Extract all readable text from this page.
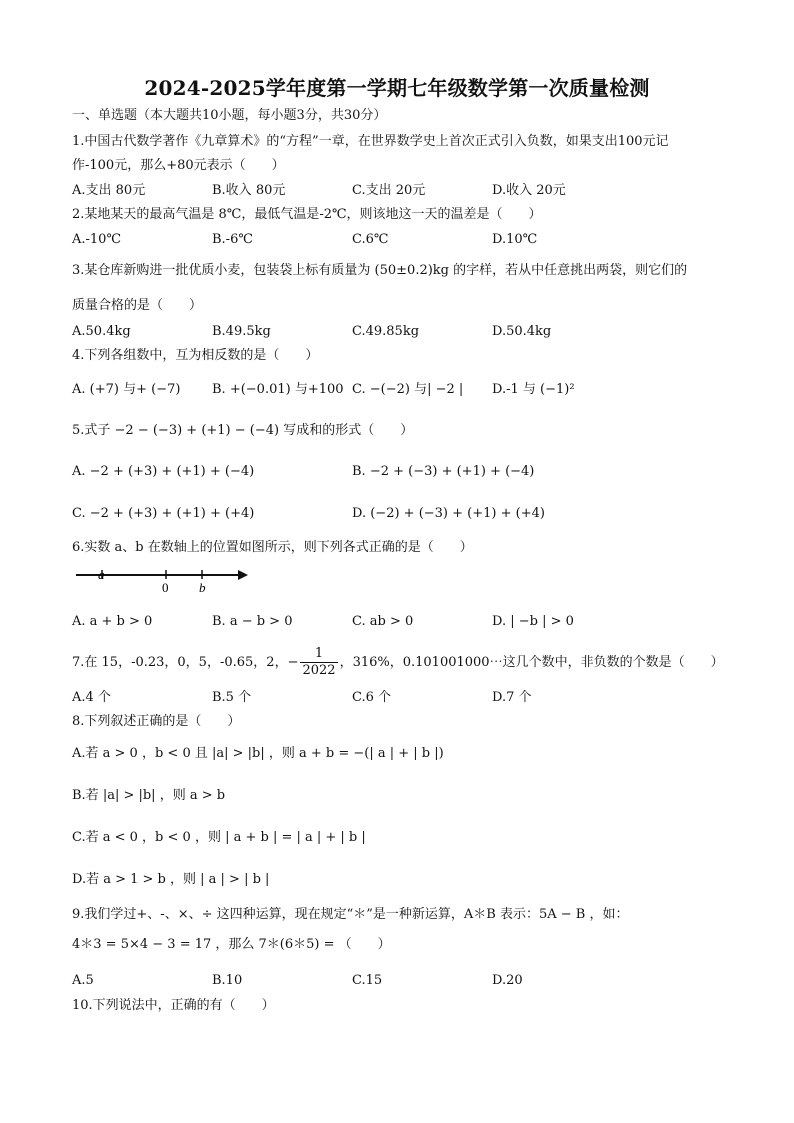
2024-2025学年度第一学期七年级数学第一次质量检测
一、单选题（本大题共10小题，每小题3分，共30分）
1.中国古代数学著作《九章算术》的“方程”一章，在世界数学史上首次正式引入负数，如果支出100元记
作-100元，那么+80元表示（　　）
A.支出 80元	B.收入 80元	C.支出 20元	D.收入 20元
2.某地某天的最高气温是 8℃，最低气温是-2℃，则该地这一天的温差是（　　）
A.-10℃	B.-6℃	C.6℃	D.10℃
3.某仓库新购进一批优质小麦，包装袋上标有质量为 (50±0.2)kg 的字样，若从中任意挑出两袋，则它们的
质量合格的是（　　）
A.50.4kg	B.49.5kg	C.49.85kg	D.50.4kg
4.下列各组数中，互为相反数的是（　　）
A. (+7) 与+ (−7) B. +(−0.01) 与+100 C. −(−2) 与| −2 | D.-1 与 (−1)²
5.式子 −2 − (−3) + (+1) − (−4) 写成和的形式（　　）
A. −2 + (+3) + (+1) + (−4)	B. −2 + (−3) + (+1) + (−4)
C. −2 + (+3) + (+1) + (+4)	D. (−2) + (−3) + (+1) + (+4)
6.实数 a、b 在数轴上的位置如图所示，则下列各式正确的是（　　）
a
0 b
A. a + b > 0	B. a − b > 0	C. ab > 0	D. | −b | > 0
7.在 15，-0.23，0，5，-0.65，2，− $\frac{1}{2022}$ ，316%，0.101001000⋯这几个数中，非负数的个数是（　　）
A.4 个	B.5 个	C.6 个	D.7 个
8.下列叙述正确的是（　　）
A.若 a > 0 ，b < 0 且 |a| > |b| ，则 a + b = −(| a | + | b |)
B.若 |a| > |b| ，则 a > b
C.若 a < 0 ，b < 0 ，则 | a + b | = | a | + | b |
D.若 a > 1 > b ，则 | a | > | b |
9.我们学过+、-、×、÷ 这四种运算，现在规定“＊”是一种新运算，A＊B 表示：5A − B ，如：
4＊3 = 5×4 − 3 = 17 ，那么 7＊(6＊5) = （　　）
A.5	B.10	C.15	D.20
10.下列说法中，正确的有（　　）
